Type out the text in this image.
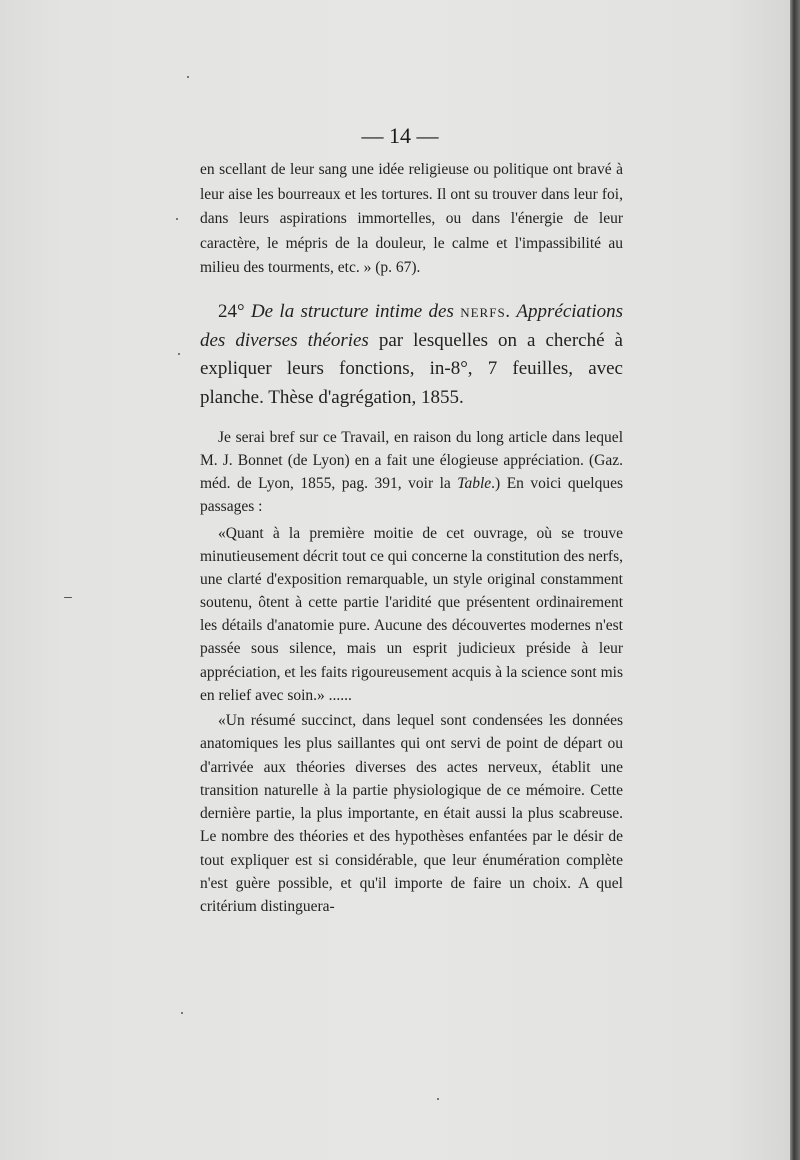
— 14 —

en scellant de leur sang une idée religieuse ou politique ont bravé à leur aise les bourreaux et les tortures. Il ont su trouver dans leur foi, dans leurs aspirations immortelles, ou dans l'énergie de leur caractère, le mépris de la douleur, le calme et l'impassibilité au milieu des tourments, etc. » (p. 67).

24° De la structure intime des nerfs. Appréciations des diverses théories par lesquelles on a cherché à expliquer leurs fonctions, in-8°, 7 feuilles, avec planche. Thèse d'agrégation, 1855.

Je serai bref sur ce Travail, en raison du long article dans lequel M. J. Bonnet (de Lyon) en a fait une élogieuse appréciation. (Gaz. méd. de Lyon, 1855, pag. 391, voir la Table.) En voici quelques passages :

«Quant à la première moitie de cet ouvrage, où se trouve minutieusement décrit tout ce qui concerne la constitution des nerfs, une clarté d'exposition remarquable, un style original constamment soutenu, ôtent à cette partie l'aridité que présentent ordinairement les détails d'anatomie pure. Aucune des découvertes modernes n'est passée sous silence, mais un esprit judicieux préside à leur appréciation, et les faits rigoureusement acquis à la science sont mis en relief avec soin.» ......

«Un résumé succinct, dans lequel sont condensées les données anatomiques les plus saillantes qui ont servi de point de départ ou d'arrivée aux théories diverses des actes nerveux, établit une transition naturelle à la partie physiologique de ce mémoire. Cette dernière partie, la plus importante, en était aussi la plus scabreuse. Le nombre des théories et des hypothèses enfantées par le désir de tout expliquer est si considérable, que leur énumération complète n'est guère possible, et qu'il importe de faire un choix. A quel critérium distinguera-
